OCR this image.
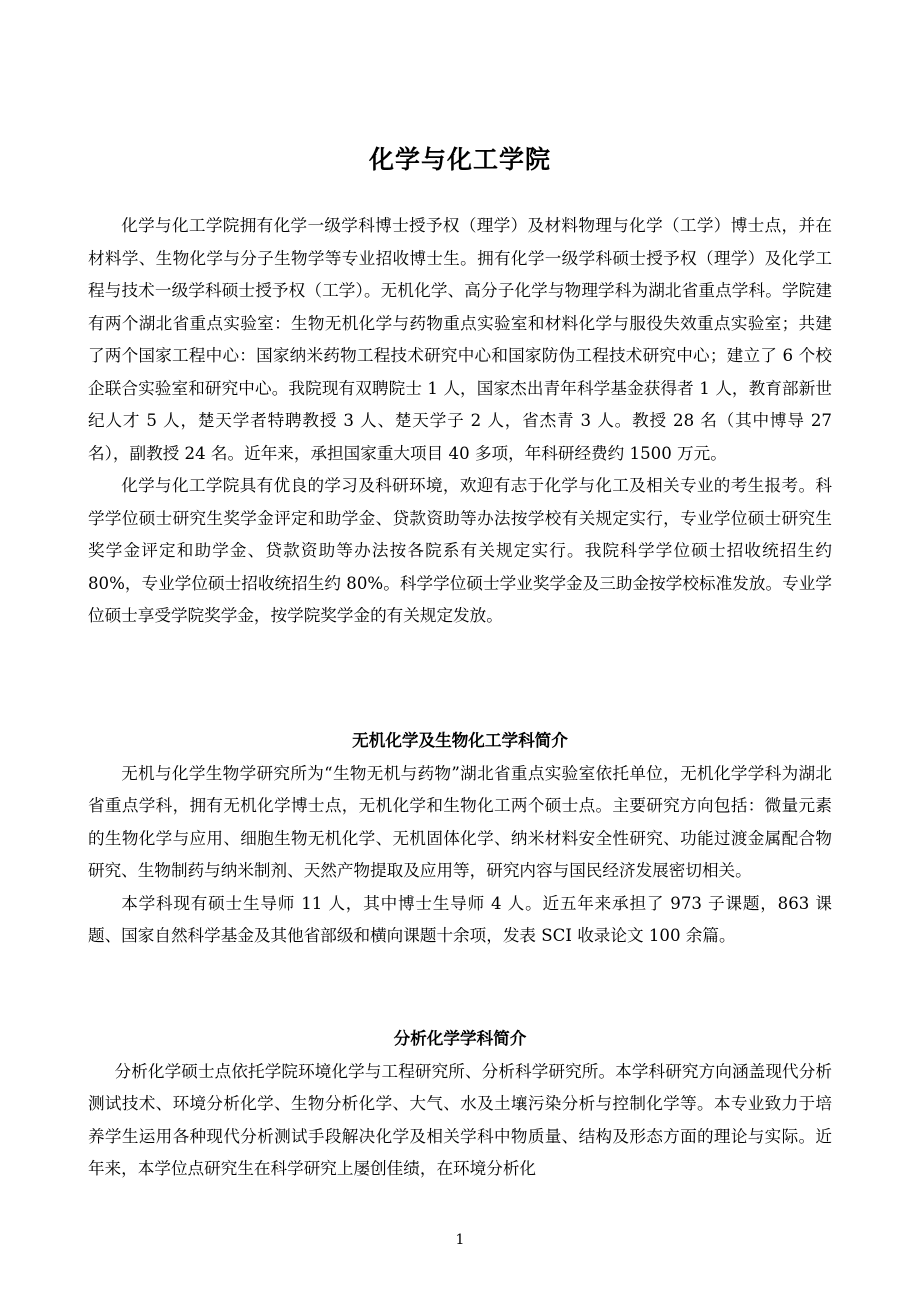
化学与化工学院

化学与化工学院拥有化学一级学科博士授予权（理学）及材料物理与化学（工学）博士点，并在材料学、生物化学与分子生物学等专业招收博士生。拥有化学一级学科硕士授予权（理学）及化学工程与技术一级学科硕士授予权（工学）。无机化学、高分子化学与物理学科为湖北省重点学科。学院建有两个湖北省重点实验室：生物无机化学与药物重点实验室和材料化学与服役失效重点实验室；共建了两个国家工程中心：国家纳米药物工程技术研究中心和国家防伪工程技术研究中心；建立了 6 个校企联合实验室和研究中心。我院现有双聘院士 1 人，国家杰出青年科学基金获得者 1 人，教育部新世纪人才 5 人，楚天学者特聘教授 3 人、楚天学子 2 人，省杰青 3 人。教授 28 名（其中博导 27 名），副教授 24 名。近年来，承担国家重大项目 40 多项，年科研经费约 1500 万元。

化学与化工学院具有优良的学习及科研环境，欢迎有志于化学与化工及相关专业的考生报考。科学学位硕士研究生奖学金评定和助学金、贷款资助等办法按学校有关规定实行，专业学位硕士研究生奖学金评定和助学金、贷款资助等办法按各院系有关规定实行。我院科学学位硕士招收统招生约 80%，专业学位硕士招收统招生约 80%。科学学位硕士学业奖学金及三助金按学校标准发放。专业学位硕士享受学院奖学金，按学院奖学金的有关规定发放。

无机化学及生物化工学科简介

无机与化学生物学研究所为“生物无机与药物”湖北省重点实验室依托单位，无机化学学科为湖北省重点学科，拥有无机化学博士点，无机化学和生物化工两个硕士点。主要研究方向包括：微量元素的生物化学与应用、细胞生物无机化学、无机固体化学、纳米材料安全性研究、功能过渡金属配合物研究、生物制药与纳米制剂、天然产物提取及应用等，研究内容与国民经济发展密切相关。

本学科现有硕士生导师 11 人，其中博士生导师 4 人。近五年来承担了 973 子课题，863 课题、国家自然科学基金及其他省部级和横向课题十余项，发表 SCI 收录论文 100 余篇。

分析化学学科简介

分析化学硕士点依托学院环境化学与工程研究所、分析科学研究所。本学科研究方向涵盖现代分析测试技术、环境分析化学、生物分析化学、大气、水及土壤污染分析与控制化学等。本专业致力于培养学生运用各种现代分析测试手段解决化学及相关学科中物质量、结构及形态方面的理论与实际。近年来，本学位点研究生在科学研究上屡创佳绩，在环境分析化

1
